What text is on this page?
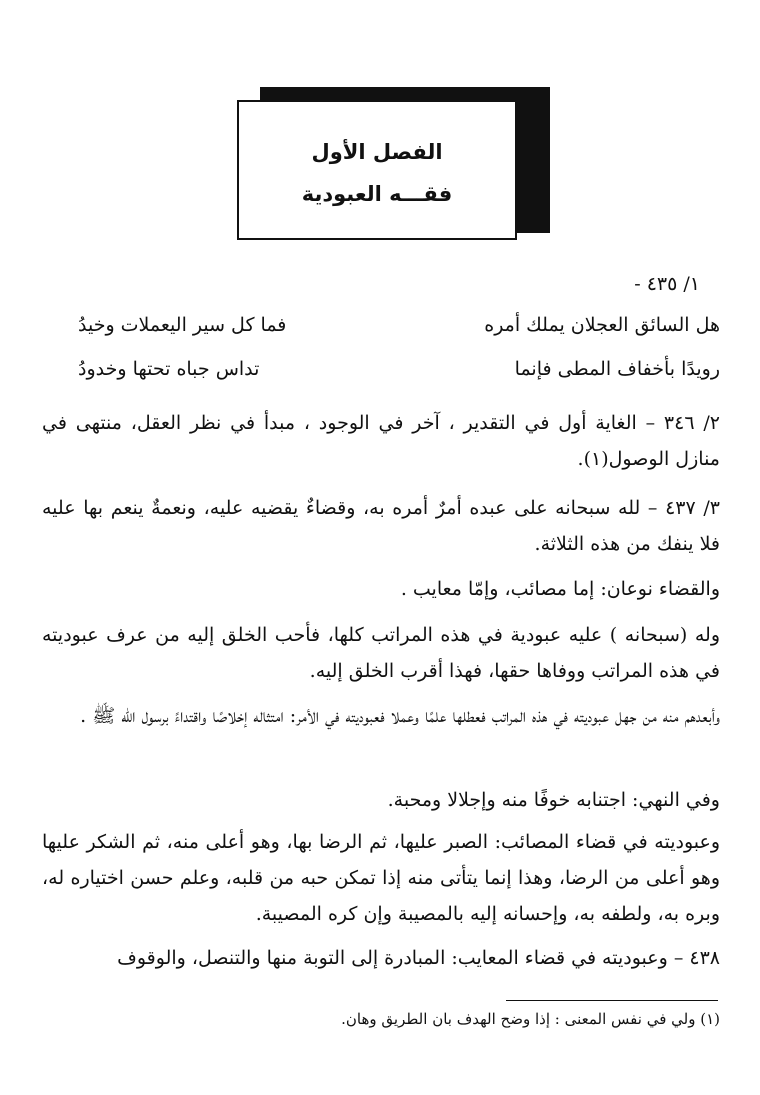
الفصل الأول
فقـــه العبودية
١/ ٤٣٥ -
هل السائق العجلان يملك أمره
فما كل سير اليعملات وخيدُ
رويدًا بأخفاف المطى فإنما
تداس جباه تحتها وخدودُ
٢/ ٣٤٦ – الغاية أول في التقدير ، آخر في الوجود ، مبدأ في نظر العقل، منتهى في منازل الوصول(١).
٣/ ٤٣٧ – لله سبحانه على عبده أمرٌ أمره به، وقضاءٌ يقضيه عليه، ونعمةٌ ينعم بها عليه فلا ينفك من هذه الثلاثة.
والقضاء نوعان: إما مصائب، وإمّا معايب .
وله (سبحانه ) عليه عبودية في هذه المراتب كلها، فأحب الخلق إليه من عرف عبوديته في هذه المراتب ووفاها حقها، فهذا أقرب الخلق إليه.
وأبعدهم منه من جهل عبوديته في هذه المراتب فعطلها علمًا وعملا فعبوديته في الأمر: امتثاله إخلاصًا واقتداءً برسول الله ﷺ .
وفي النهي: اجتنابه خوفًا منه وإجلالا ومحبة.
وعبوديته في قضاء المصائب: الصبر عليها، ثم الرضا بها، وهو أعلى منه، ثم الشكر عليها وهو أعلى من الرضا، وهذا إنما يتأتى منه إذا تمكن حبه من قلبه، وعلم حسن اختياره له، وبره به، ولطفه به، وإحسانه إليه بالمصيبة وإن كره المصيبة.
٤٣٨ – وعبوديته في قضاء المعايب: المبادرة إلى التوبة منها والتنصل، والوقوف
(١) ولي في نفس المعنى : إذا وضح الهدف بان الطريق وهان.
